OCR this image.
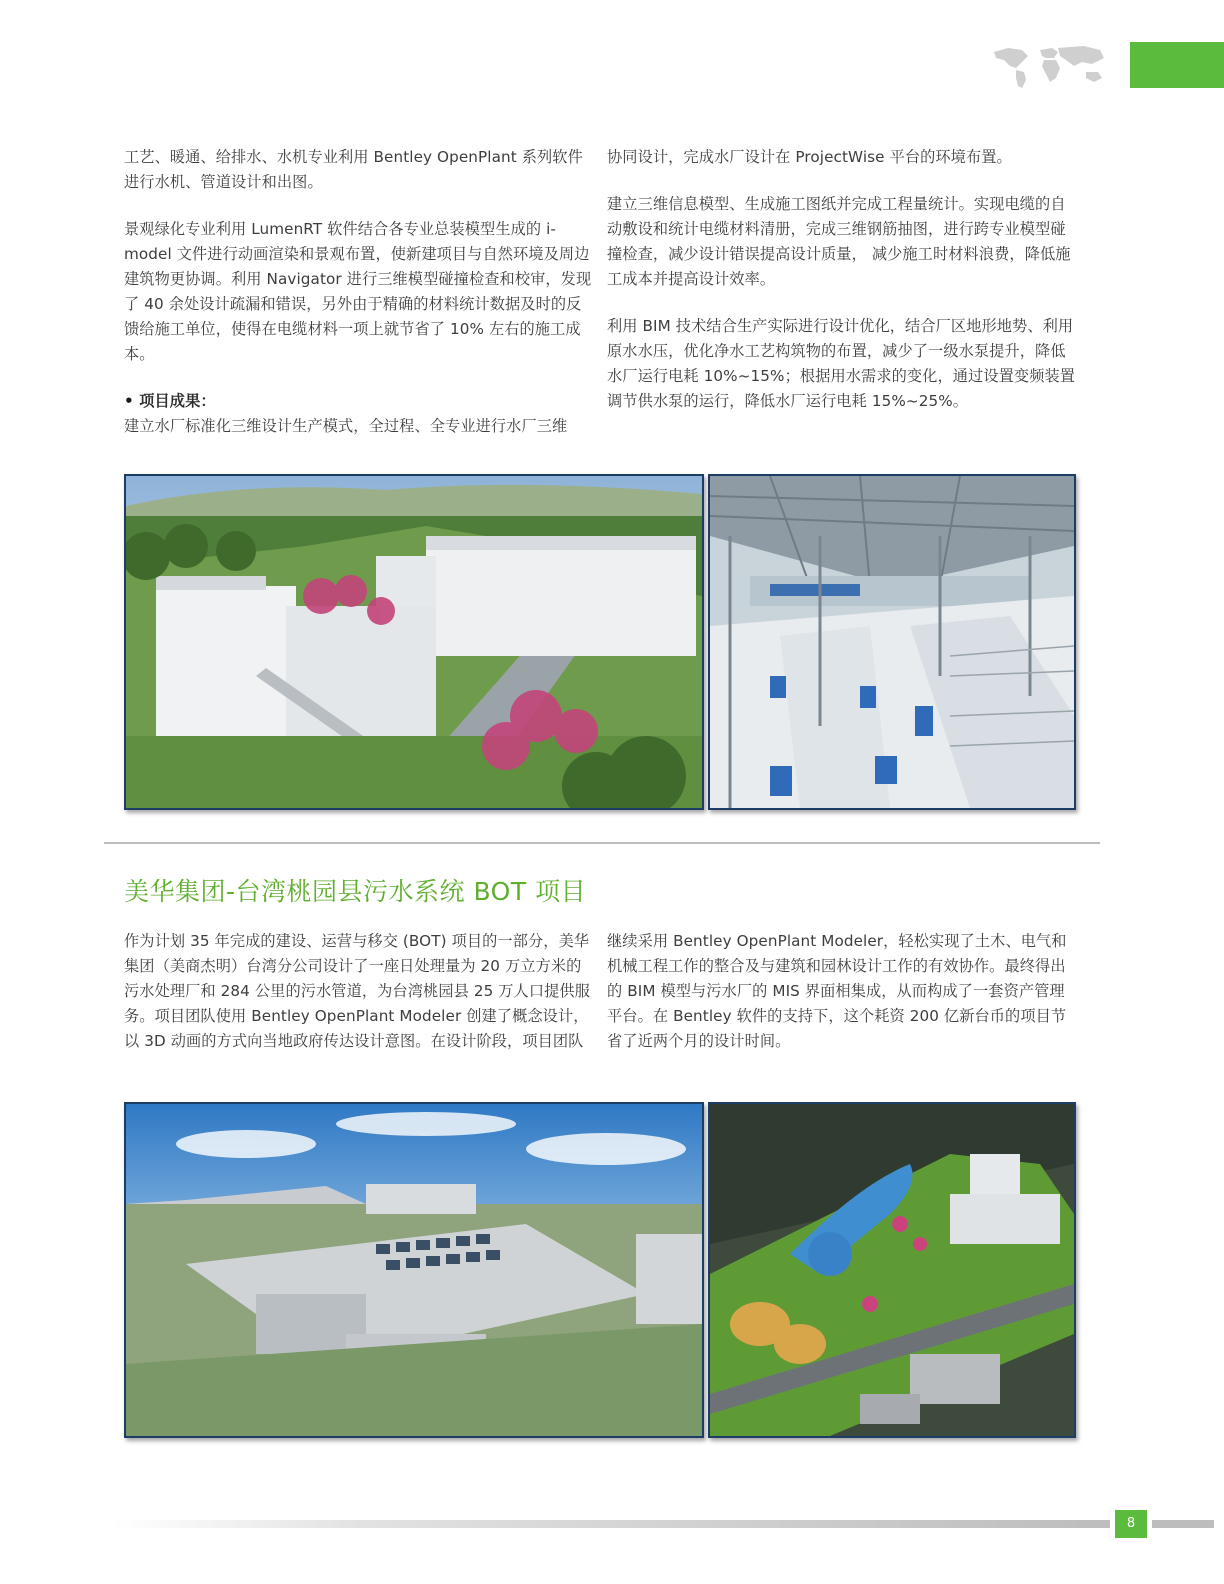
工艺、暖通、给排水、水机专业利用 Bentley OpenPlant 系列软件进行水机、管道设计和出图。

景观绿化专业利用 LumenRT 软件结合各专业总装模型生成的 i-model 文件进行动画渲染和景观布置，使新建项目与自然环境及周边建筑物更协调。利用 Navigator 进行三维模型碰撞检查和校审，发现了 40 余处设计疏漏和错误，另外由于精确的材料统计数据及时的反馈给施工单位，使得在电缆材料一项上就节省了 10% 左右的施工成本。

• 项目成果：

建立水厂标准化三维设计生产模式，全过程、全专业进行水厂三维

协同设计，完成水厂设计在 ProjectWise 平台的环境布置。

建立三维信息模型、生成施工图纸并完成工程量统计。实现电缆的自动敷设和统计电缆材料清册，完成三维钢筋抽图，进行跨专业模型碰撞检查，减少设计错误提高设计质量， 减少施工时材料浪费，降低施工成本并提高设计效率。

利用 BIM 技术结合生产实际进行设计优化，结合厂区地形地势、利用原水水压，优化净水工艺构筑物的布置，减少了一级水泵提升，降低水厂运行电耗 10%~15%；根据用水需求的变化，通过设置变频装置调节供水泵的运行，降低水厂运行电耗 15%~25%。

美华集团-台湾桃园县污水系统 BOT 项目

作为计划 35 年完成的建设、运营与移交 (BOT) 项目的一部分，美华集团（美商杰明）台湾分公司设计了一座日处理量为 20 万立方米的污水处理厂和 284 公里的污水管道，为台湾桃园县 25 万人口提供服务。项目团队使用 Bentley OpenPlant Modeler 创建了概念设计，以 3D 动画的方式向当地政府传达设计意图。在设计阶段，项目团队

继续采用 Bentley OpenPlant Modeler，轻松实现了土木、电气和机械工程工作的整合及与建筑和园林设计工作的有效协作。最终得出的 BIM 模型与污水厂的 MIS 界面相集成，从而构成了一套资产管理平台。在 Bentley 软件的支持下，这个耗资 200 亿新台币的项目节省了近两个月的设计时间。

8
